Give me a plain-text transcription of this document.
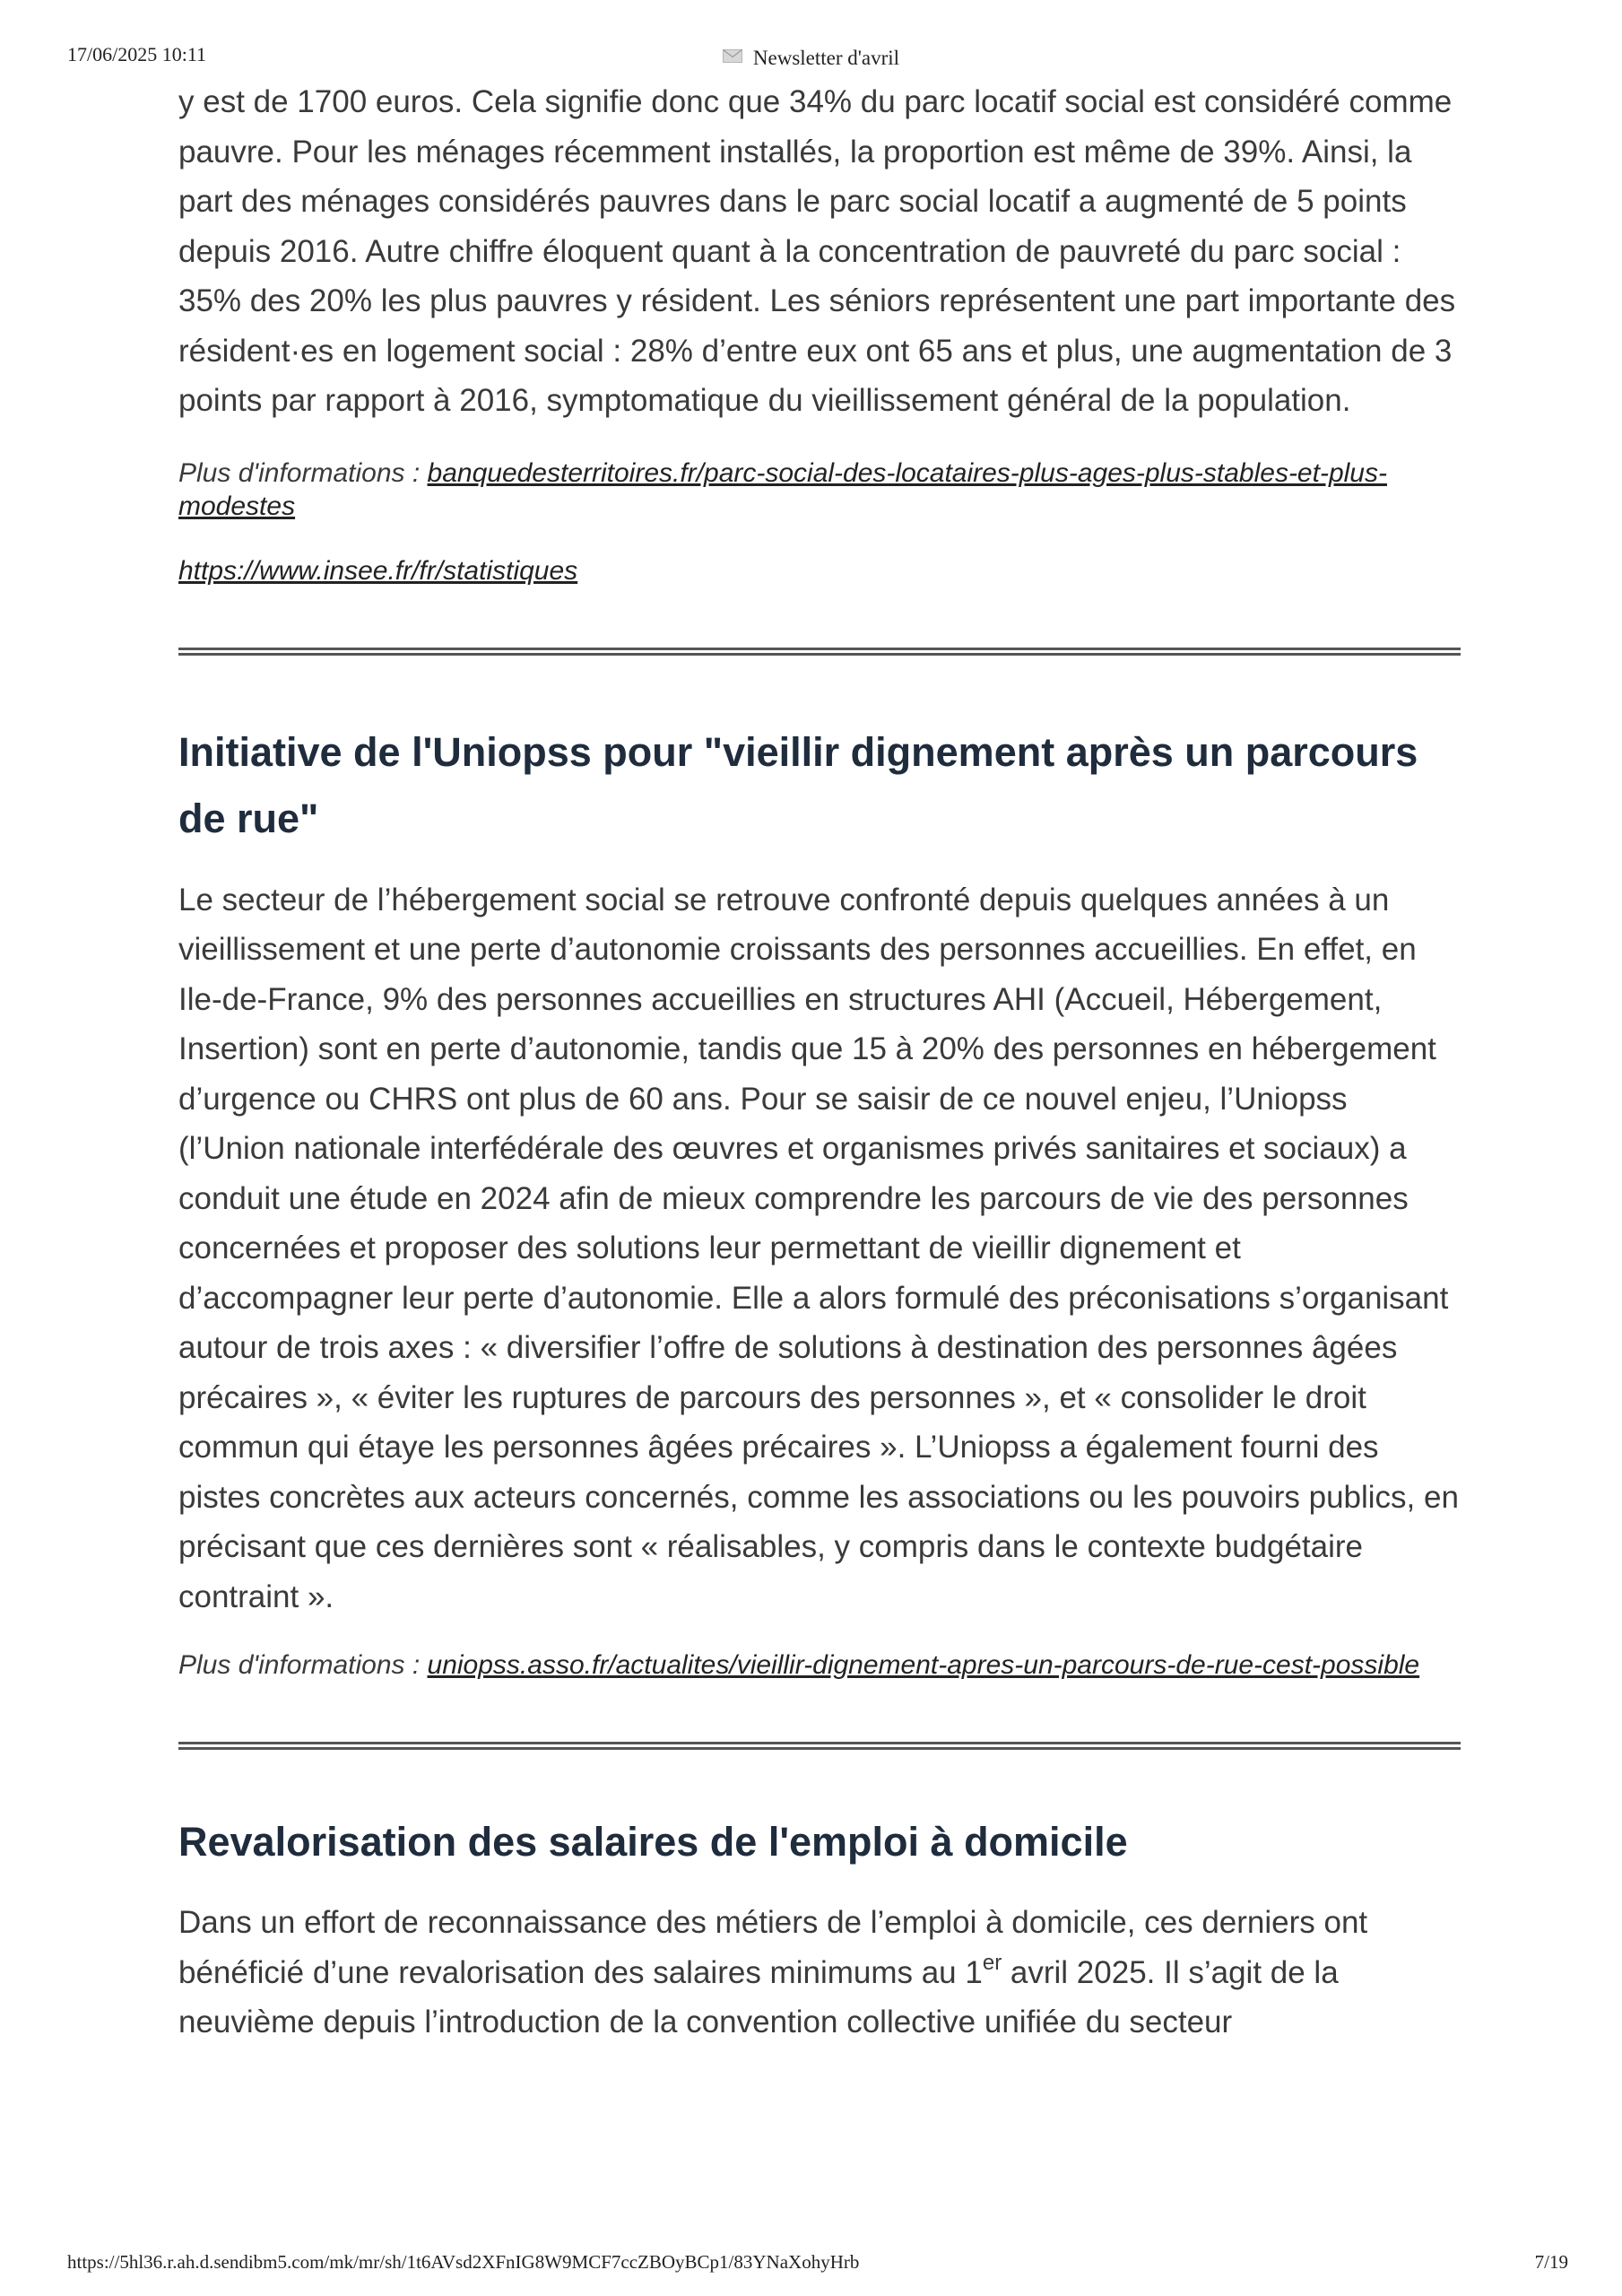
17/06/2025 10:11	Newsletter d'avril

y est de 1700 euros. Cela signifie donc que 34% du parc locatif social est considéré comme pauvre. Pour les ménages récemment installés, la proportion est même de 39%. Ainsi, la part des ménages considérés pauvres dans le parc social locatif a augmenté de 5 points depuis 2016. Autre chiffre éloquent quant à la concentration de pauvreté du parc social : 35% des 20% les plus pauvres y résident. Les séniors représentent une part importante des résident·es en logement social : 28% d’entre eux ont 65 ans et plus, une augmentation de 3 points par rapport à 2016, symptomatique du vieillissement général de la population.

Plus d'informations : banquedesterritoires.fr/parc-social-des-locataires-plus-ages-plus-stables-et-plus-modestes

https://www.insee.fr/fr/statistiques

Initiative de l'Uniopss pour "vieillir dignement après un parcours de rue"

Le secteur de l’hébergement social se retrouve confronté depuis quelques années à un vieillissement et une perte d’autonomie croissants des personnes accueillies. En effet, en Ile-de-France, 9% des personnes accueillies en structures AHI (Accueil, Hébergement, Insertion) sont en perte d’autonomie, tandis que 15 à 20% des personnes en hébergement d’urgence ou CHRS ont plus de 60 ans. Pour se saisir de ce nouvel enjeu, l’Uniopss (l’Union nationale interfédérale des œuvres et organismes privés sanitaires et sociaux) a conduit une étude en 2024 afin de mieux comprendre les parcours de vie des personnes concernées et proposer des solutions leur permettant de vieillir dignement et d’accompagner leur perte d’autonomie. Elle a alors formulé des préconisations s’organisant autour de trois axes : « diversifier l’offre de solutions à destination des personnes âgées précaires », « éviter les ruptures de parcours des personnes », et « consolider le droit commun qui étaye les personnes âgées précaires ». L’Uniopss a également fourni des pistes concrètes aux acteurs concernés, comme les associations ou les pouvoirs publics, en précisant que ces dernières sont « réalisables, y compris dans le contexte budgétaire contraint ».

Plus d'informations : uniopss.asso.fr/actualites/vieillir-dignement-apres-un-parcours-de-rue-cest-possible

Revalorisation des salaires de l'emploi à domicile

Dans un effort de reconnaissance des métiers de l’emploi à domicile, ces derniers ont bénéficié d’une revalorisation des salaires minimums au 1er avril 2025. Il s’agit de la neuvième depuis l’introduction de la convention collective unifiée du secteur

https://5hl36.r.ah.d.sendibm5.com/mk/mr/sh/1t6AVsd2XFnIG8W9MCF7ccZBOyBCp1/83YNaXohyHrb	7/19
